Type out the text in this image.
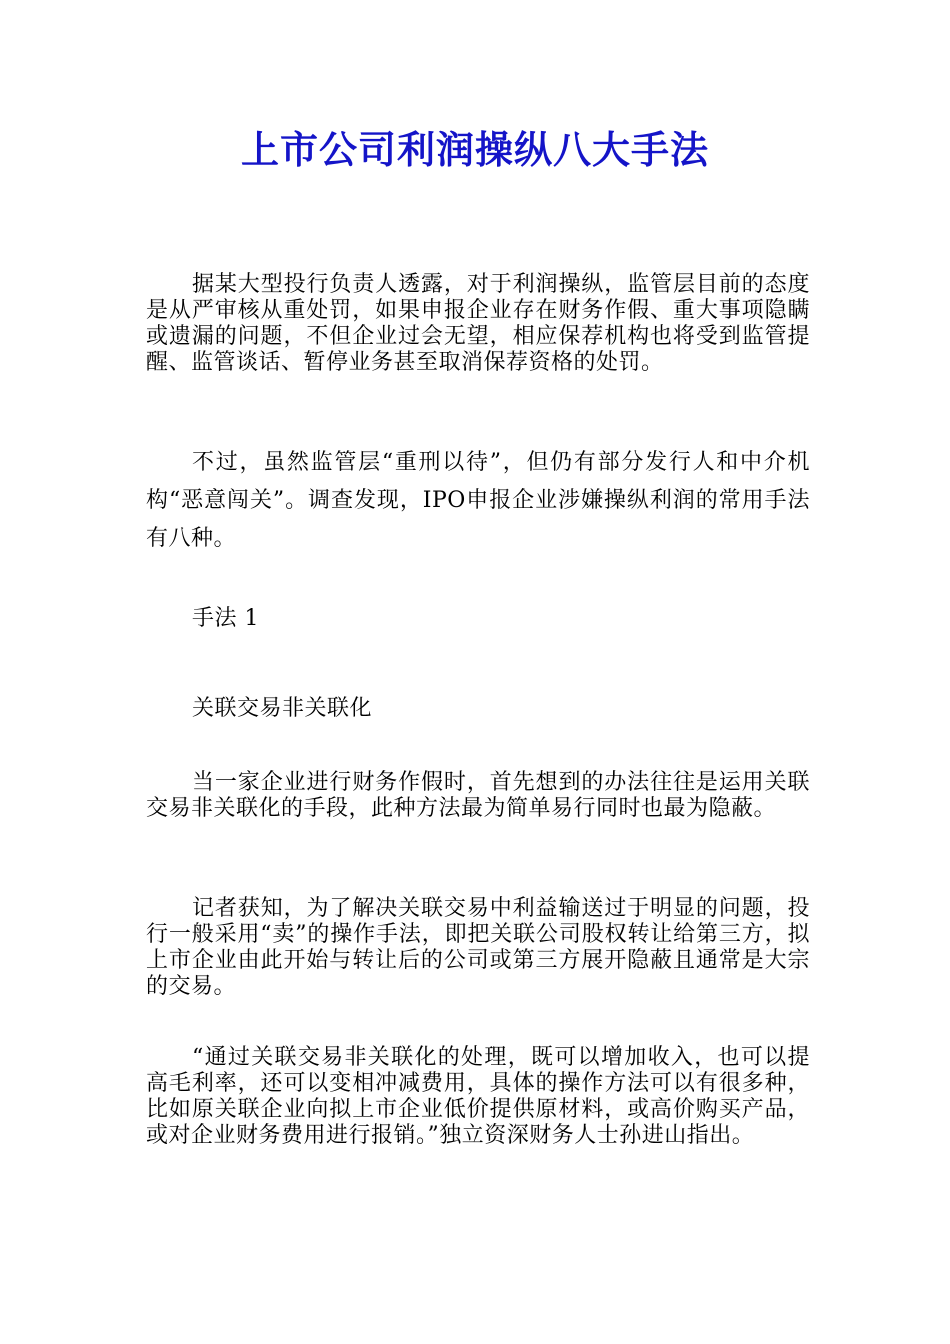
上市公司利润操纵八大手法

据某大型投行负责人透露，对于利润操纵，监管层目前的态度是从严审核从重处罚，如果申报企业存在财务作假、重大事项隐瞒或遗漏的问题，不但企业过会无望，相应保荐机构也将受到监管提醒、监管谈话、暂停业务甚至取消保荐资格的处罚。

不过，虽然监管层“重刑以待”，但仍有部分发行人和中介机构“恶意闯关”。调查发现，IPO申报企业涉嫌操纵利润的常用手法有八种。

手法 1

关联交易非关联化

当一家企业进行财务作假时，首先想到的办法往往是运用关联交易非关联化的手段，此种方法最为简单易行同时也最为隐蔽。

记者获知，为了解决关联交易中利益输送过于明显的问题，投行一般采用“卖”的操作手法，即把关联公司股权转让给第三方，拟上市企业由此开始与转让后的公司或第三方展开隐蔽且通常是大宗的交易。

“通过关联交易非关联化的处理，既可以增加收入，也可以提高毛利率，还可以变相冲减费用，具体的操作方法可以有很多种，比如原关联企业向拟上市企业低价提供原材料，或高价购买产品，或对企业财务费用进行报销。”独立资深财务人士孙进山指出。
